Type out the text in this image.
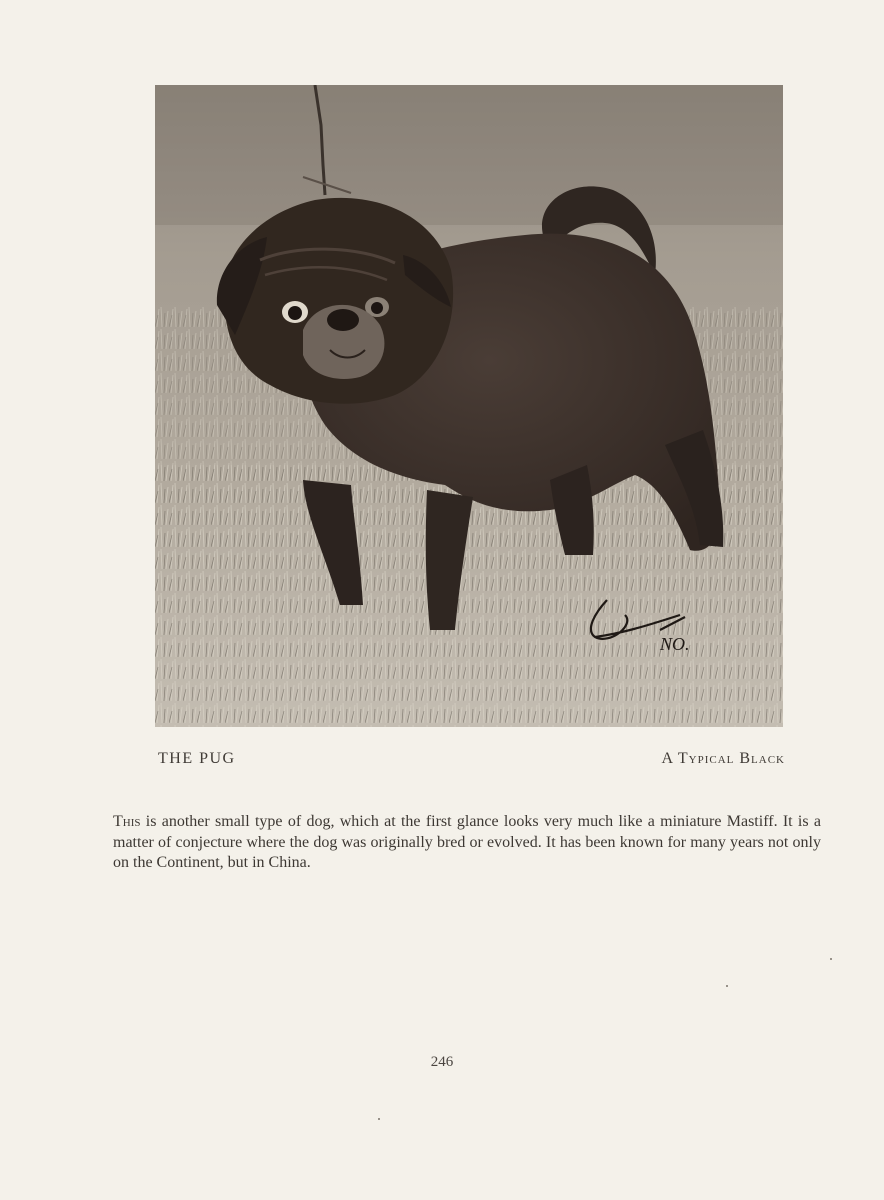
NO.
THE PUG	A Typical Black

This is another small type of dog, which at the first glance looks very much like a miniature Mastiff. It is a matter of conjecture where the dog was originally bred or evolved. It has been known for many years not only on the Continent, but in China.

246
